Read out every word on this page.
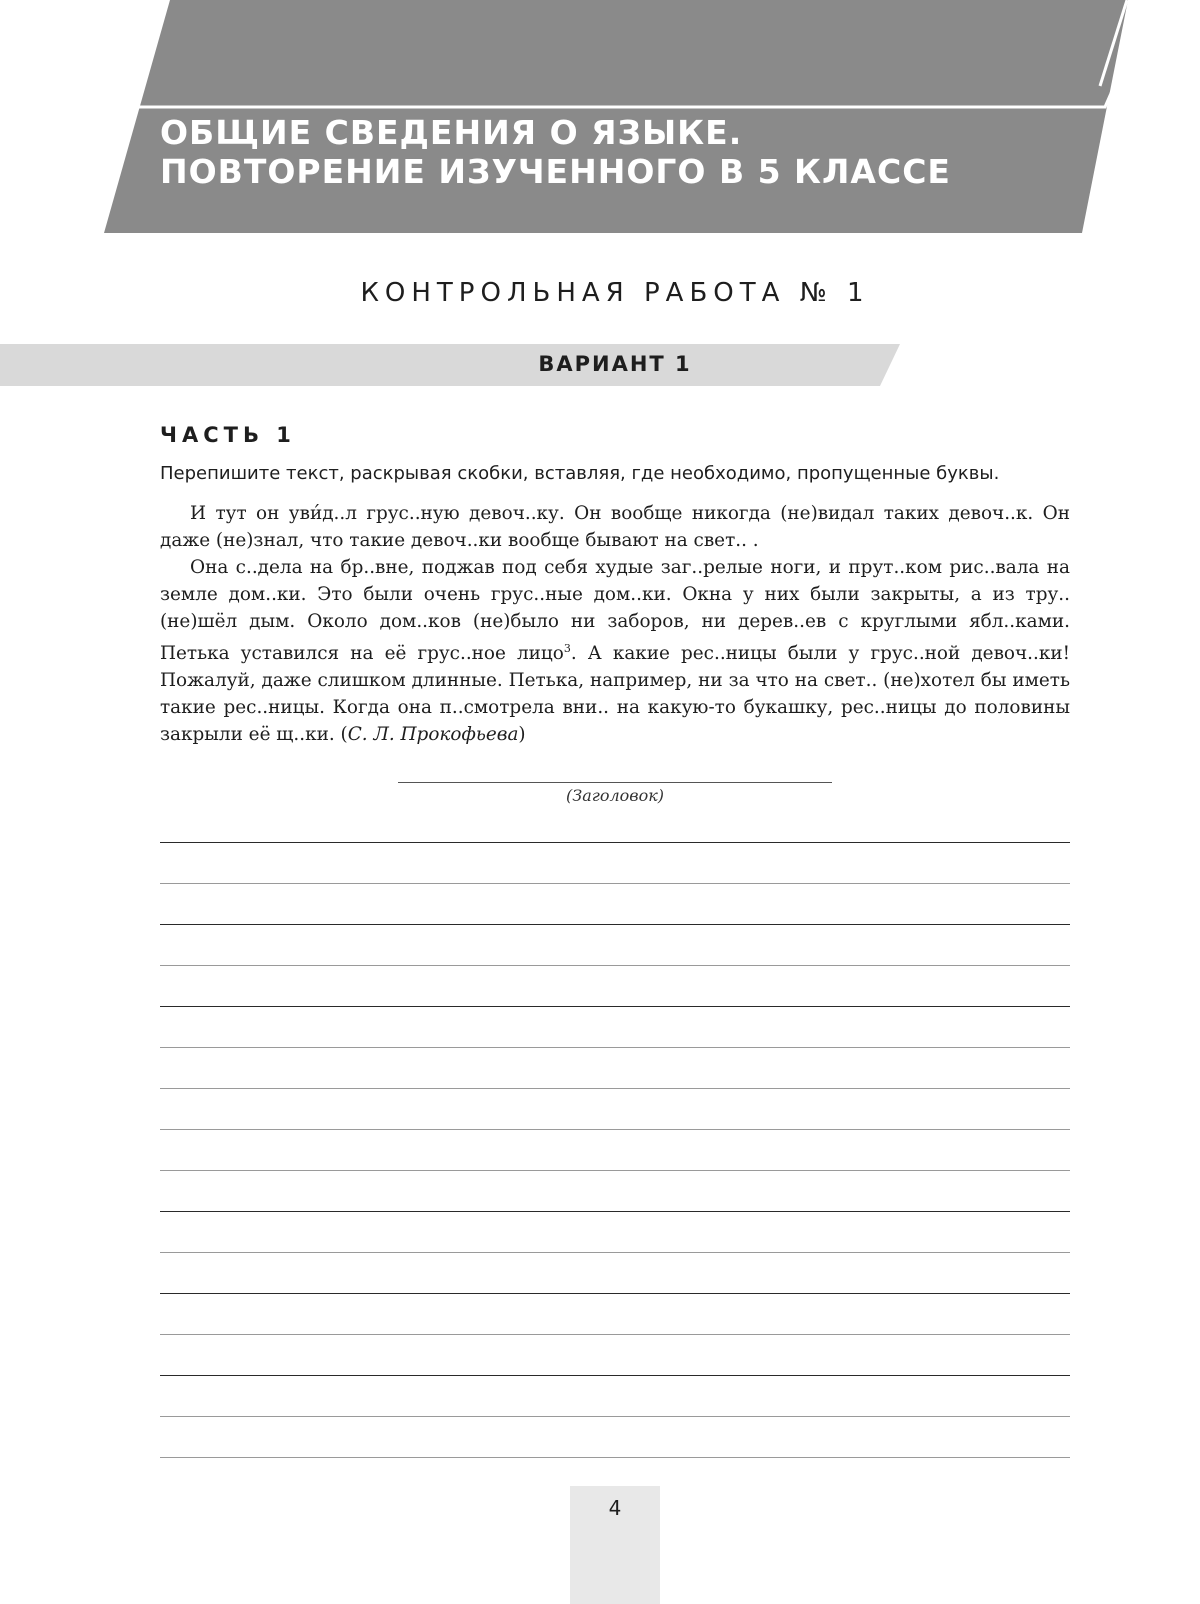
ОБЩИЕ СВЕДЕНИЯ О ЯЗЫКЕ.
ПОВТОРЕНИЕ ИЗУЧЕННОГО В 5 КЛАССЕ
КОНТРОЛЬНАЯ РАБОТА № 1
ВАРИАНТ 1
ЧАСТЬ 1

Перепишите текст, раскрывая скобки, вставляя, где необходимо, пропущенные буквы.

И тут он уви́д..л грус..ную девоч..ку. Он вообще никогда (не)видал таких девоч..к. Он даже (не)знал, что такие девоч..ки вообще бывают на свет.. .

Она с..дела на бр..вне, поджав под себя худые заг..релые ноги, и прут..ком рис..вала на земле дом..ки. Это были очень грус..ные дом..ки. Окна у них были закрыты, а из тру.. (не)шёл дым. Около дом..ков (не)было ни заборов, ни дерев..ев с круглыми ябл..ками. Петька уставился на её грус..ное лицо$^3$. А какие рес..ницы были у грус..ной девоч..ки! Пожалуй, даже слишком длинные. Петька, например, ни за что на свет.. (не)хотел бы иметь такие рес..ницы. Когда она п..смотрела вни.. на какую-то букашку, рес..ницы до половины закрыли её щ..ки. (С. Л. Прокофьева)

(Заголовок)

4
